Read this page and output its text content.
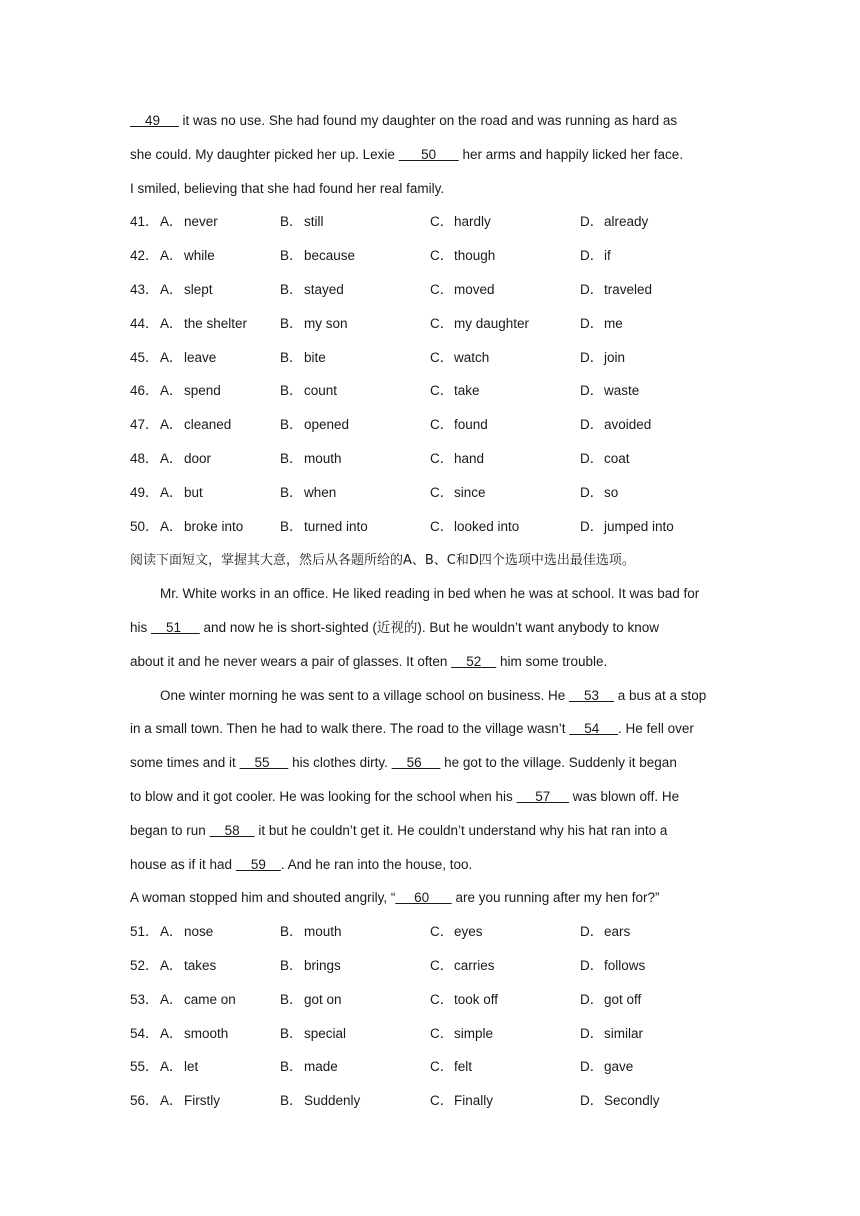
49      it was no use. She had found my daughter on the road and was running as hard as
she could. My daughter picked her up. Lexie       50       her arms and happily licked her face.
I smiled, believing that she had found her real family.
41． A． never	B． still	C． hardly	D． already
42． A． while	B． because	C． though	D． if
43． A． slept	B． stayed	C． moved	D． traveled
44． A． the shelter B． my son	C． my daughter	D． me
45． A． leave	B． bite	C． watch	D． join
46． A． spend	B． count	C． take	D． waste
47． A． cleaned	B． opened	C． found	D． avoided
48． A． door	B． mouth	C． hand	D． coat
49． A． but	B． when	C． since	D． so
50． A． broke into	B． turned into	C． looked into	D． jumped into
阅读下面短文，掌握其大意，然后从各题所给的A、B、C和D四个选项中选出最佳选项。
Mr. White works in an office. He liked reading in bed when he was at school. It was bad for
his     51      and now he is short-sighted (近视的). But he wouldn’t want anybody to know
about it and he never wears a pair of glasses. It often     52     him some trouble.
One winter morning he was sent to a village school on business. He     53     a bus at a stop
in a small town. Then he had to walk there. The road to the village wasn’t     54     . He fell over
some times and it     55      his clothes dirty.     56      he got to the village. Suddenly it began
to blow and it got cooler. He was looking for the school when his      57      was blown off. He
began to run     58     it but he couldn’t get it. He couldn’t understand why his hat ran into a
house as if it had     59    . And he ran into the house, too.
A woman stopped him and shouted angrily, “     60       are you running after my hen for?”
51． A． nose	B． mouth	C． eyes	D． ears
52． A． takes	B． brings	C． carries	D． follows
53． A． came on	B． got on	C． took off	D． got off
54． A． smooth	B． special	C． simple	D． similar
55． A． let	B． made	C． felt	D． gave
56． A． Firstly	B． Suddenly	C． Finally	D． Secondly
